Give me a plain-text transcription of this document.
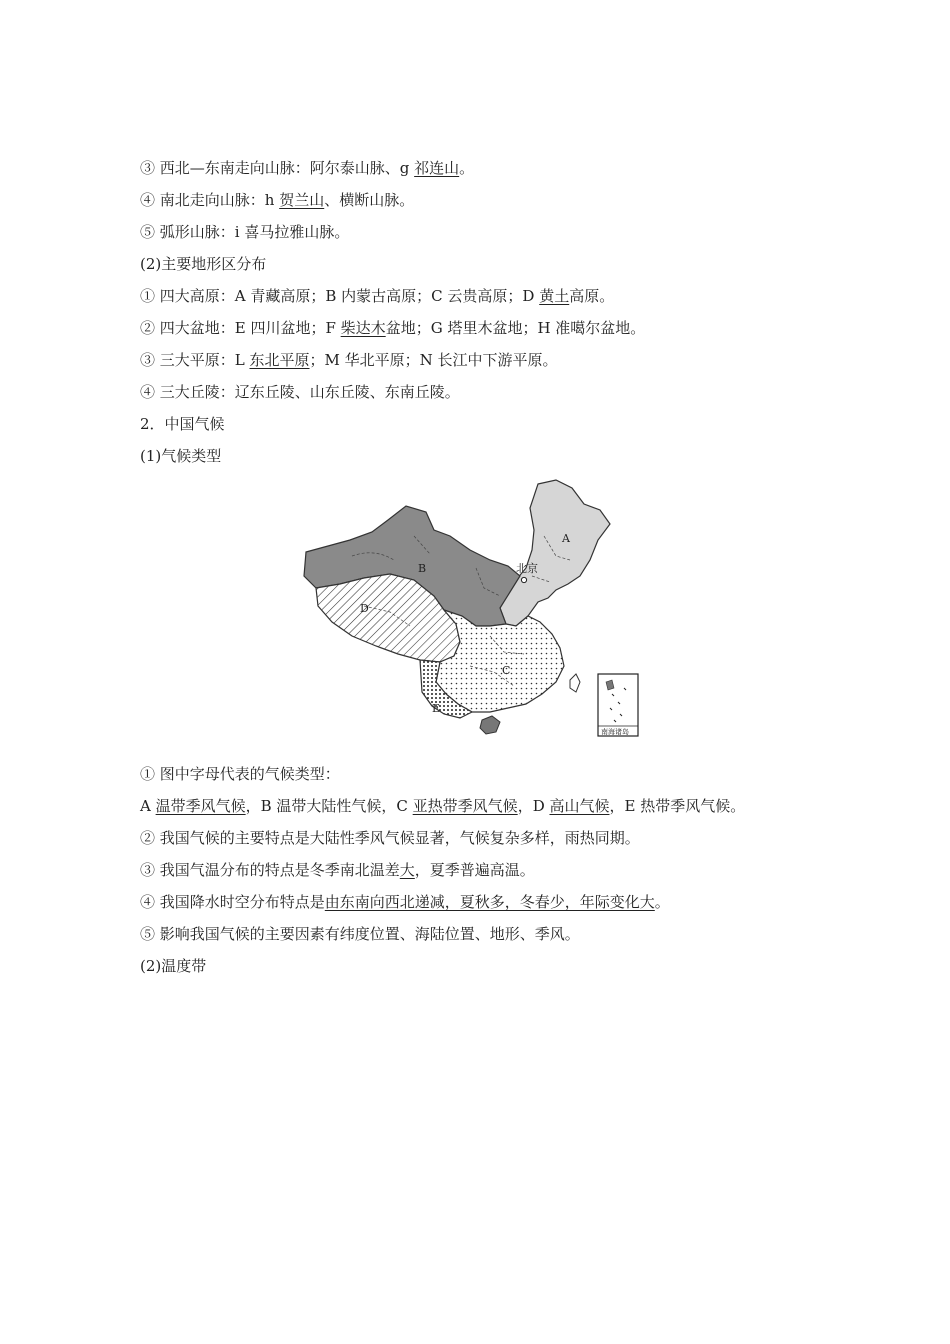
③ 西北—东南走向山脉：阿尔泰山脉、g 祁连山。
④ 南北走向山脉：h 贺兰山、横断山脉。
⑤ 弧形山脉：i 喜马拉雅山脉。
(2)主要地形区分布
① 四大高原：A 青藏高原；B 内蒙古高原；C 云贵高原；D 黄土高原。
② 四大盆地：E 四川盆地；F 柴达木盆地；G 塔里木盆地；H 准噶尔盆地。
③ 三大平原：L 东北平原；M 华北平原；N 长江中下游平原。
④ 三大丘陵：辽东丘陵、山东丘陵、东南丘陵。
2．中国气候
(1)气候类型
A
B
C
D
E
北京
南海诸岛
① 图中字母代表的气候类型：
A 温带季风气候，B 温带大陆性气候，C 亚热带季风气候，D 高山气候，E 热带季风气候。
② 我国气候的主要特点是大陆性季风气候显著，气候复杂多样，雨热同期。
③ 我国气温分布的特点是冬季南北温差大，夏季普遍高温。
④ 我国降水时空分布特点是由东南向西北递减，夏秋多，冬春少，年际变化大。
⑤ 影响我国气候的主要因素有纬度位置、海陆位置、地形、季风。
(2)温度带
